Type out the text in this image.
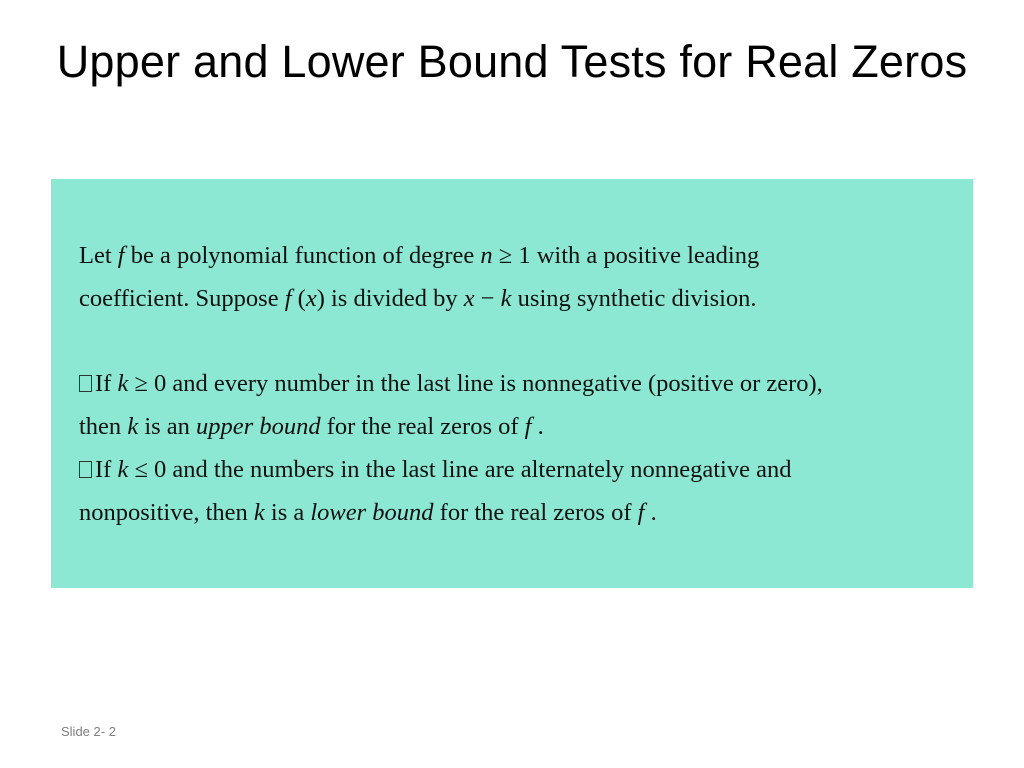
Upper and Lower Bound Tests for Real Zeros
Let f be a polynomial function of degree n ≥ 1 with a positive leading
coefficient. Suppose f (x) is divided by x − k using synthetic division.
If k ≥ 0 and every number in the last line is nonnegative (positive or zero),
then k is an upper bound for the real zeros of f .
If k ≤ 0 and the numbers in the last line are alternately nonnegative and
nonpositive, then k is a lower bound for the real zeros of f .
Slide 2- 2
